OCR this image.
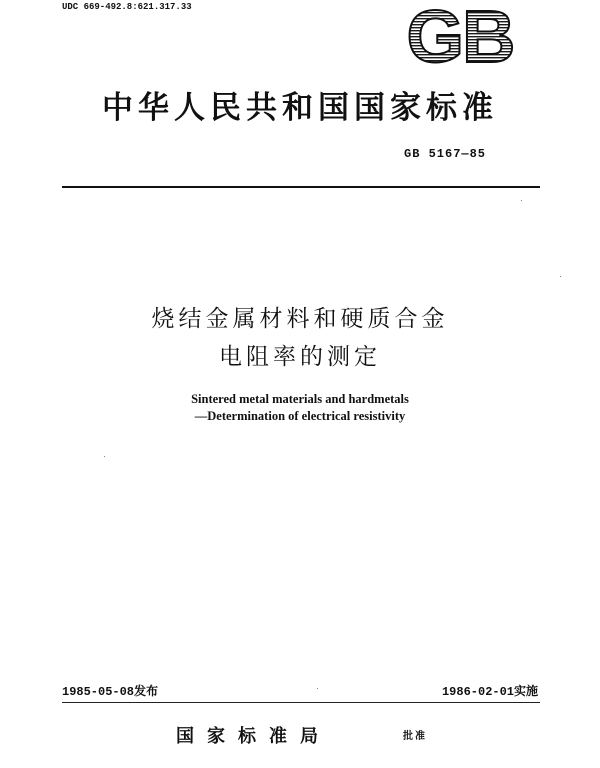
UDC 669-492.8:621.317.33	GB
中华人民共和国国家标准
GB 5167—85
烧结金属材料和硬质合金
电阻率的测定
Sintered metal materials and hardmetals
—Determination of electrical resistivity
1985-05-08发布	1986-02-01实施
国家标准局	批准
